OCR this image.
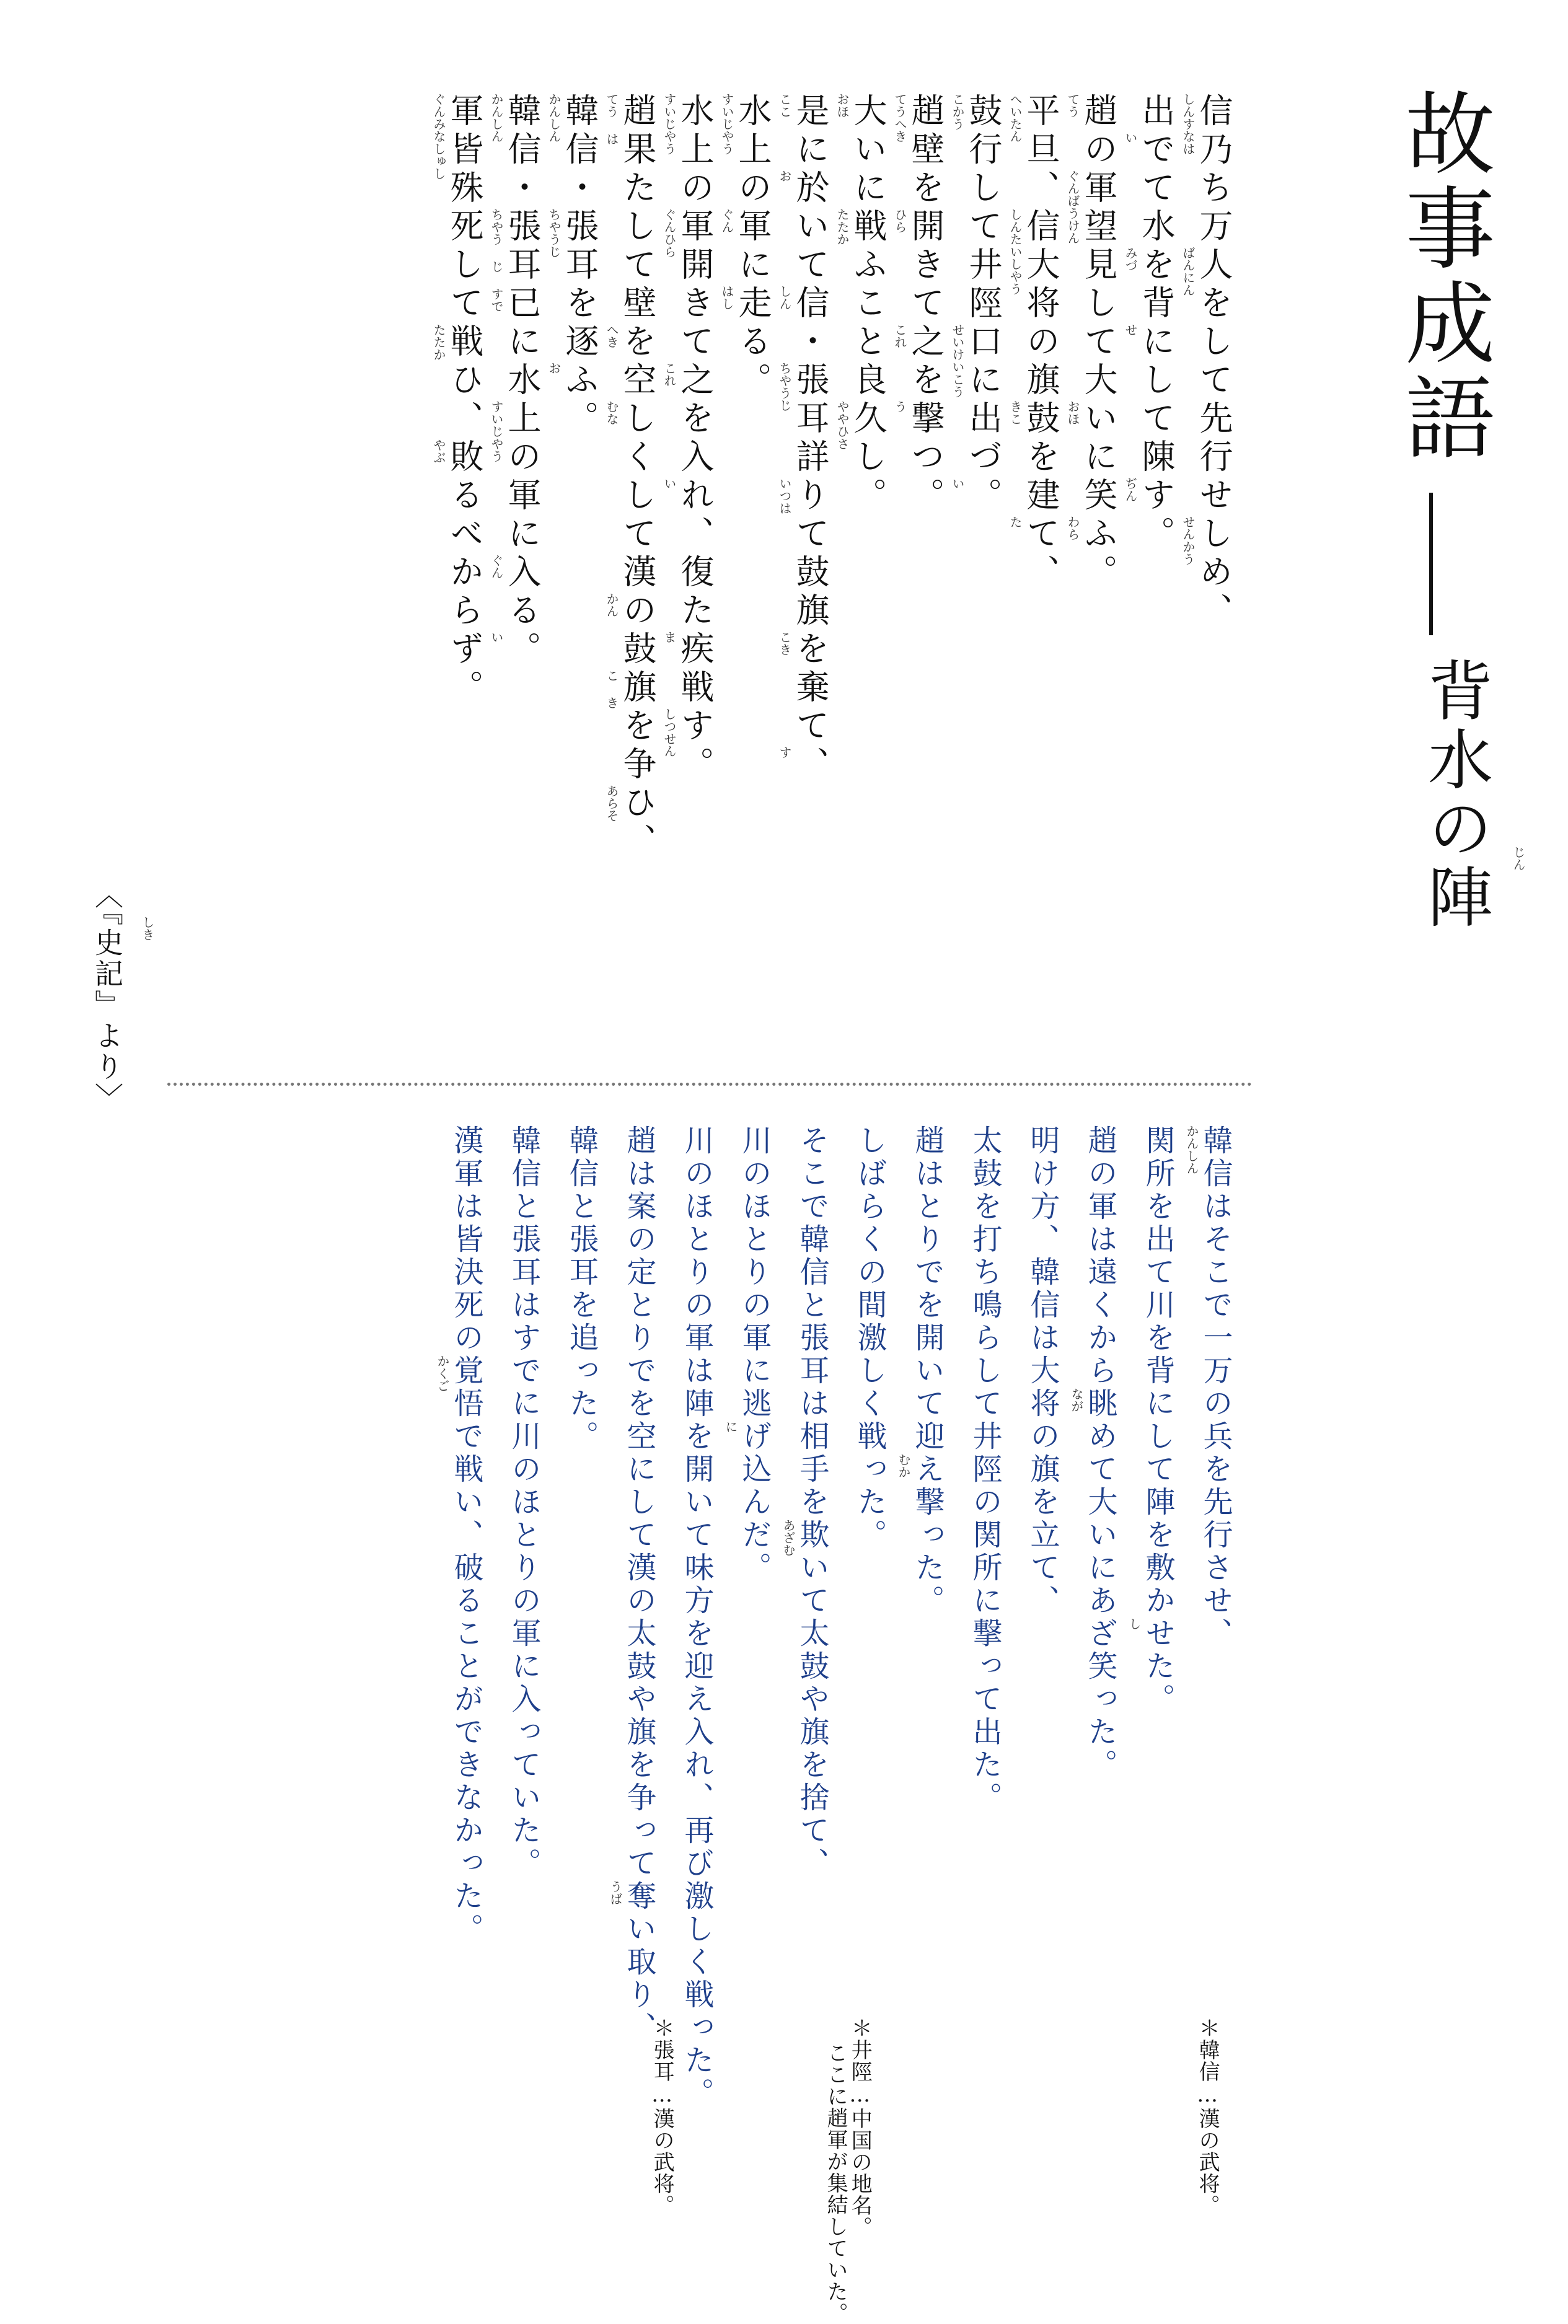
故事成語
背水の陣 じん
信乃ち万人をして先行せしめ、
しんすなは
ばんにん
せんかう
出でて水を背にして陳す。
い
みづ
せ
ぢん
趙の軍望見して大いに笑ふ。
てう
ぐんばうけん
おほ
わら
平旦、信大将の旗鼓を建て、
へいたん
しんたいしやう
きこ
た
鼓行して井陘口に出づ。
こかう
せいけいこう
い
趙壁を開きて之を撃つ。
てうへき
ひら
これ
う
大いに戦ふこと良久し。
おほ
たたか
ややひさ
是に於いて信・張耳詳りて鼓旗を棄て、
ここ
お
しん
ちやうじ
いつは
こき
す
水上の軍に走る。
すいじやう
ぐん
はし
水上の軍開きて之を入れ、復た疾戦す。
すいじやう
ぐんひら
これ
い
ま
しつせん
趙果たして壁を空しくして漢の鼓旗を争ひ、
てう は
へき
むな
かん
こ き
あらそ
韓信・張耳を逐ふ。
かんしん
ちやうじ
お
韓信・張耳已に水上の軍に入る。
かんしん
ちやう じ すで
すいじやう
ぐん
い
軍皆殊死して戦ひ、敗るべからず。
ぐんみなしゅし
たたか
やぶ
〈『史記』より〉 しき
韓信はそこで一万の兵を先行させ、
かんしん
関所を出て川を背にして陣を敷かせた。
し
趙の軍は遠くから眺めて大いにあざ笑った。
なが
明け方、韓信は大将の旗を立て、
太鼓を打ち鳴らして井陘の関所に撃って出た。
趙はとりでを開いて迎え撃った。
むか
しばらくの間激しく戦った。
そこで韓信と張耳は相手を欺いて太鼓や旗を捨て、
あざむ
川のほとりの軍に逃げ込んだ。
に
川のほとりの軍は陣を開いて味方を迎え入れ、再び激しく戦った。
趙は案の定とりでを空にして漢の太鼓や旗を争って奪い取り、
うば
韓信と張耳を追った。
韓信と張耳はすでに川のほとりの軍に入っていた。
漢軍は皆決死の覚悟で戦い、破ることができなかった。
かくご
＊韓信…漢の武将。
＊井陘…中国の地名。
ここに趙軍が集結していた。
＊張耳…漢の武将。
